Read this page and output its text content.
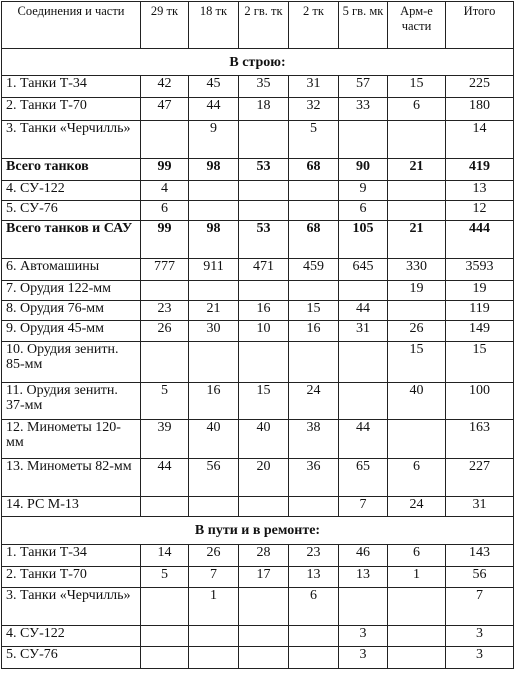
Соединения и части	29 тк	18 тк	2 гв. тк	2 тк	5 гв. мк	Арм-е части	Итого
В строю:							
1. Танки Т-34	42	45	35	31	57	15	225
2. Танки Т-70	47	44	18	32	33	6	180
3. Танки «Черчилль»		9		5			14
Всего танков	99	98	53	68	90	21	419
4. СУ-122	4				9		13
5. СУ-76	6				6		12
Всего танков и САУ	99	98	53	68	105	21	444
6. Автомашины	777	911	471	459	645	330	3593
7. Орудия 122-мм						19	19
8. Орудия 76-мм	23	21	16	15	44		119
9. Орудия 45-мм	26	30	10	16	31	26	149
10. Орудия зенитн. 85-мм						15	15
11. Орудия зенитн. 37-мм	5	16	15	24		40	100
12. Минометы 120-мм	39	40	40	38	44		163
13. Минометы 82-мм	44	56	20	36	65	6	227
14. РС М-13					7	24	31
В пути и в ремонте:							
1. Танки Т-34	14	26	28	23	46	6	143
2. Танки Т-70	5	7	17	13	13	1	56
3. Танки «Черчилль»		1		6			7
4. СУ-122					3		3
5. СУ-76					3		3
